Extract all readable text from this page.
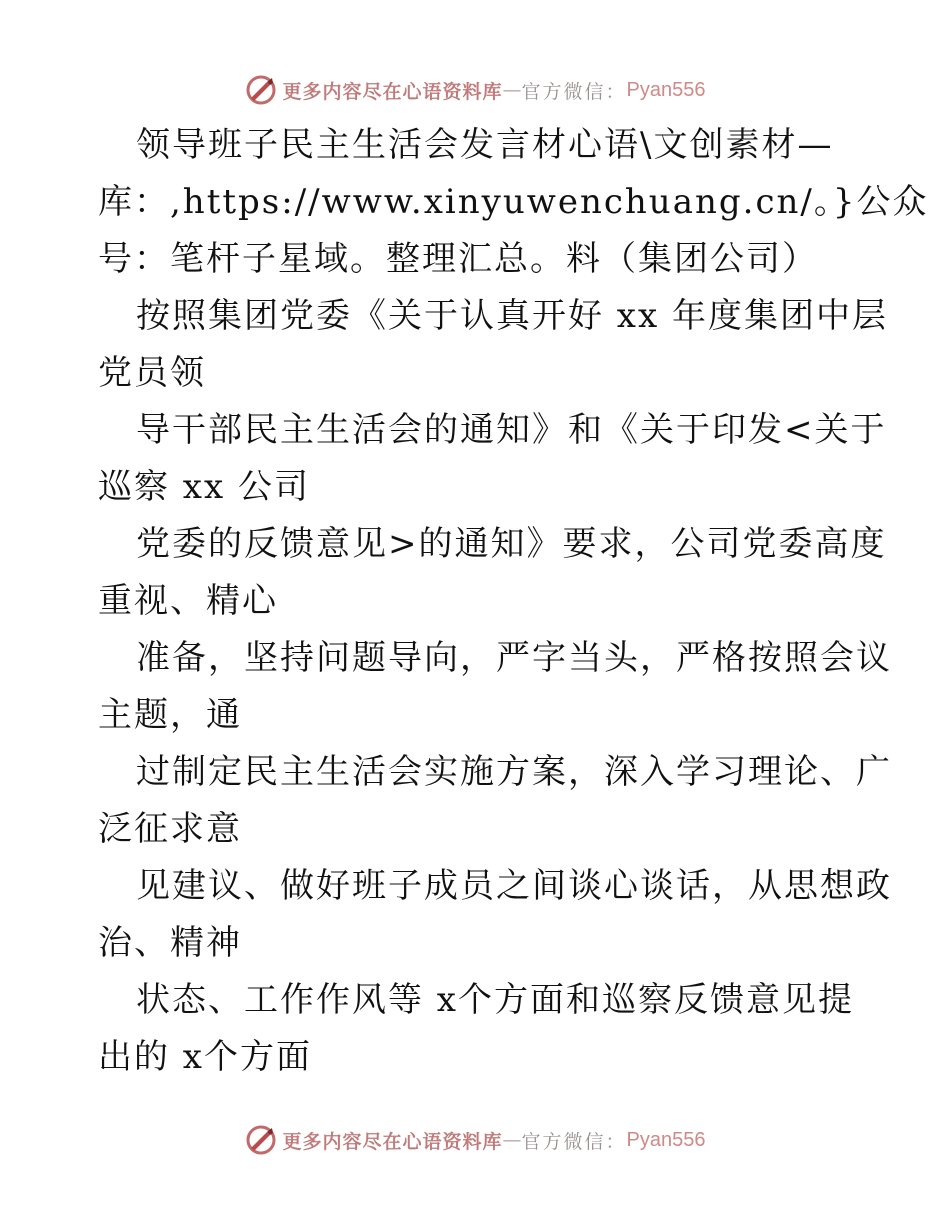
更多内容尽在心语资料库 — 官方微信： Pyan556
领导班子民主生活会发言材心语\文创素材—
库：,https://www.xinyuwenchuang.cn/。}公众
号：笔杆子星域。整理汇总。料（集团公司）
按照集团党委《关于认真开好 xx 年度集团中层
党员领
导干部民主生活会的通知》和《关于印发<关于
巡察 xx 公司
党委的反馈意见>的通知》要求，公司党委高度
重视、精心
准备，坚持问题导向，严字当头，严格按照会议
主题，通
过制定民主生活会实施方案，深入学习理论、广
泛征求意
见建议、做好班子成员之间谈心谈话，从思想政
治、精神
状态、工作作风等 x个方面和巡察反馈意见提
出的 x个方面
更多内容尽在心语资料库 — 官方微信： Pyan556
